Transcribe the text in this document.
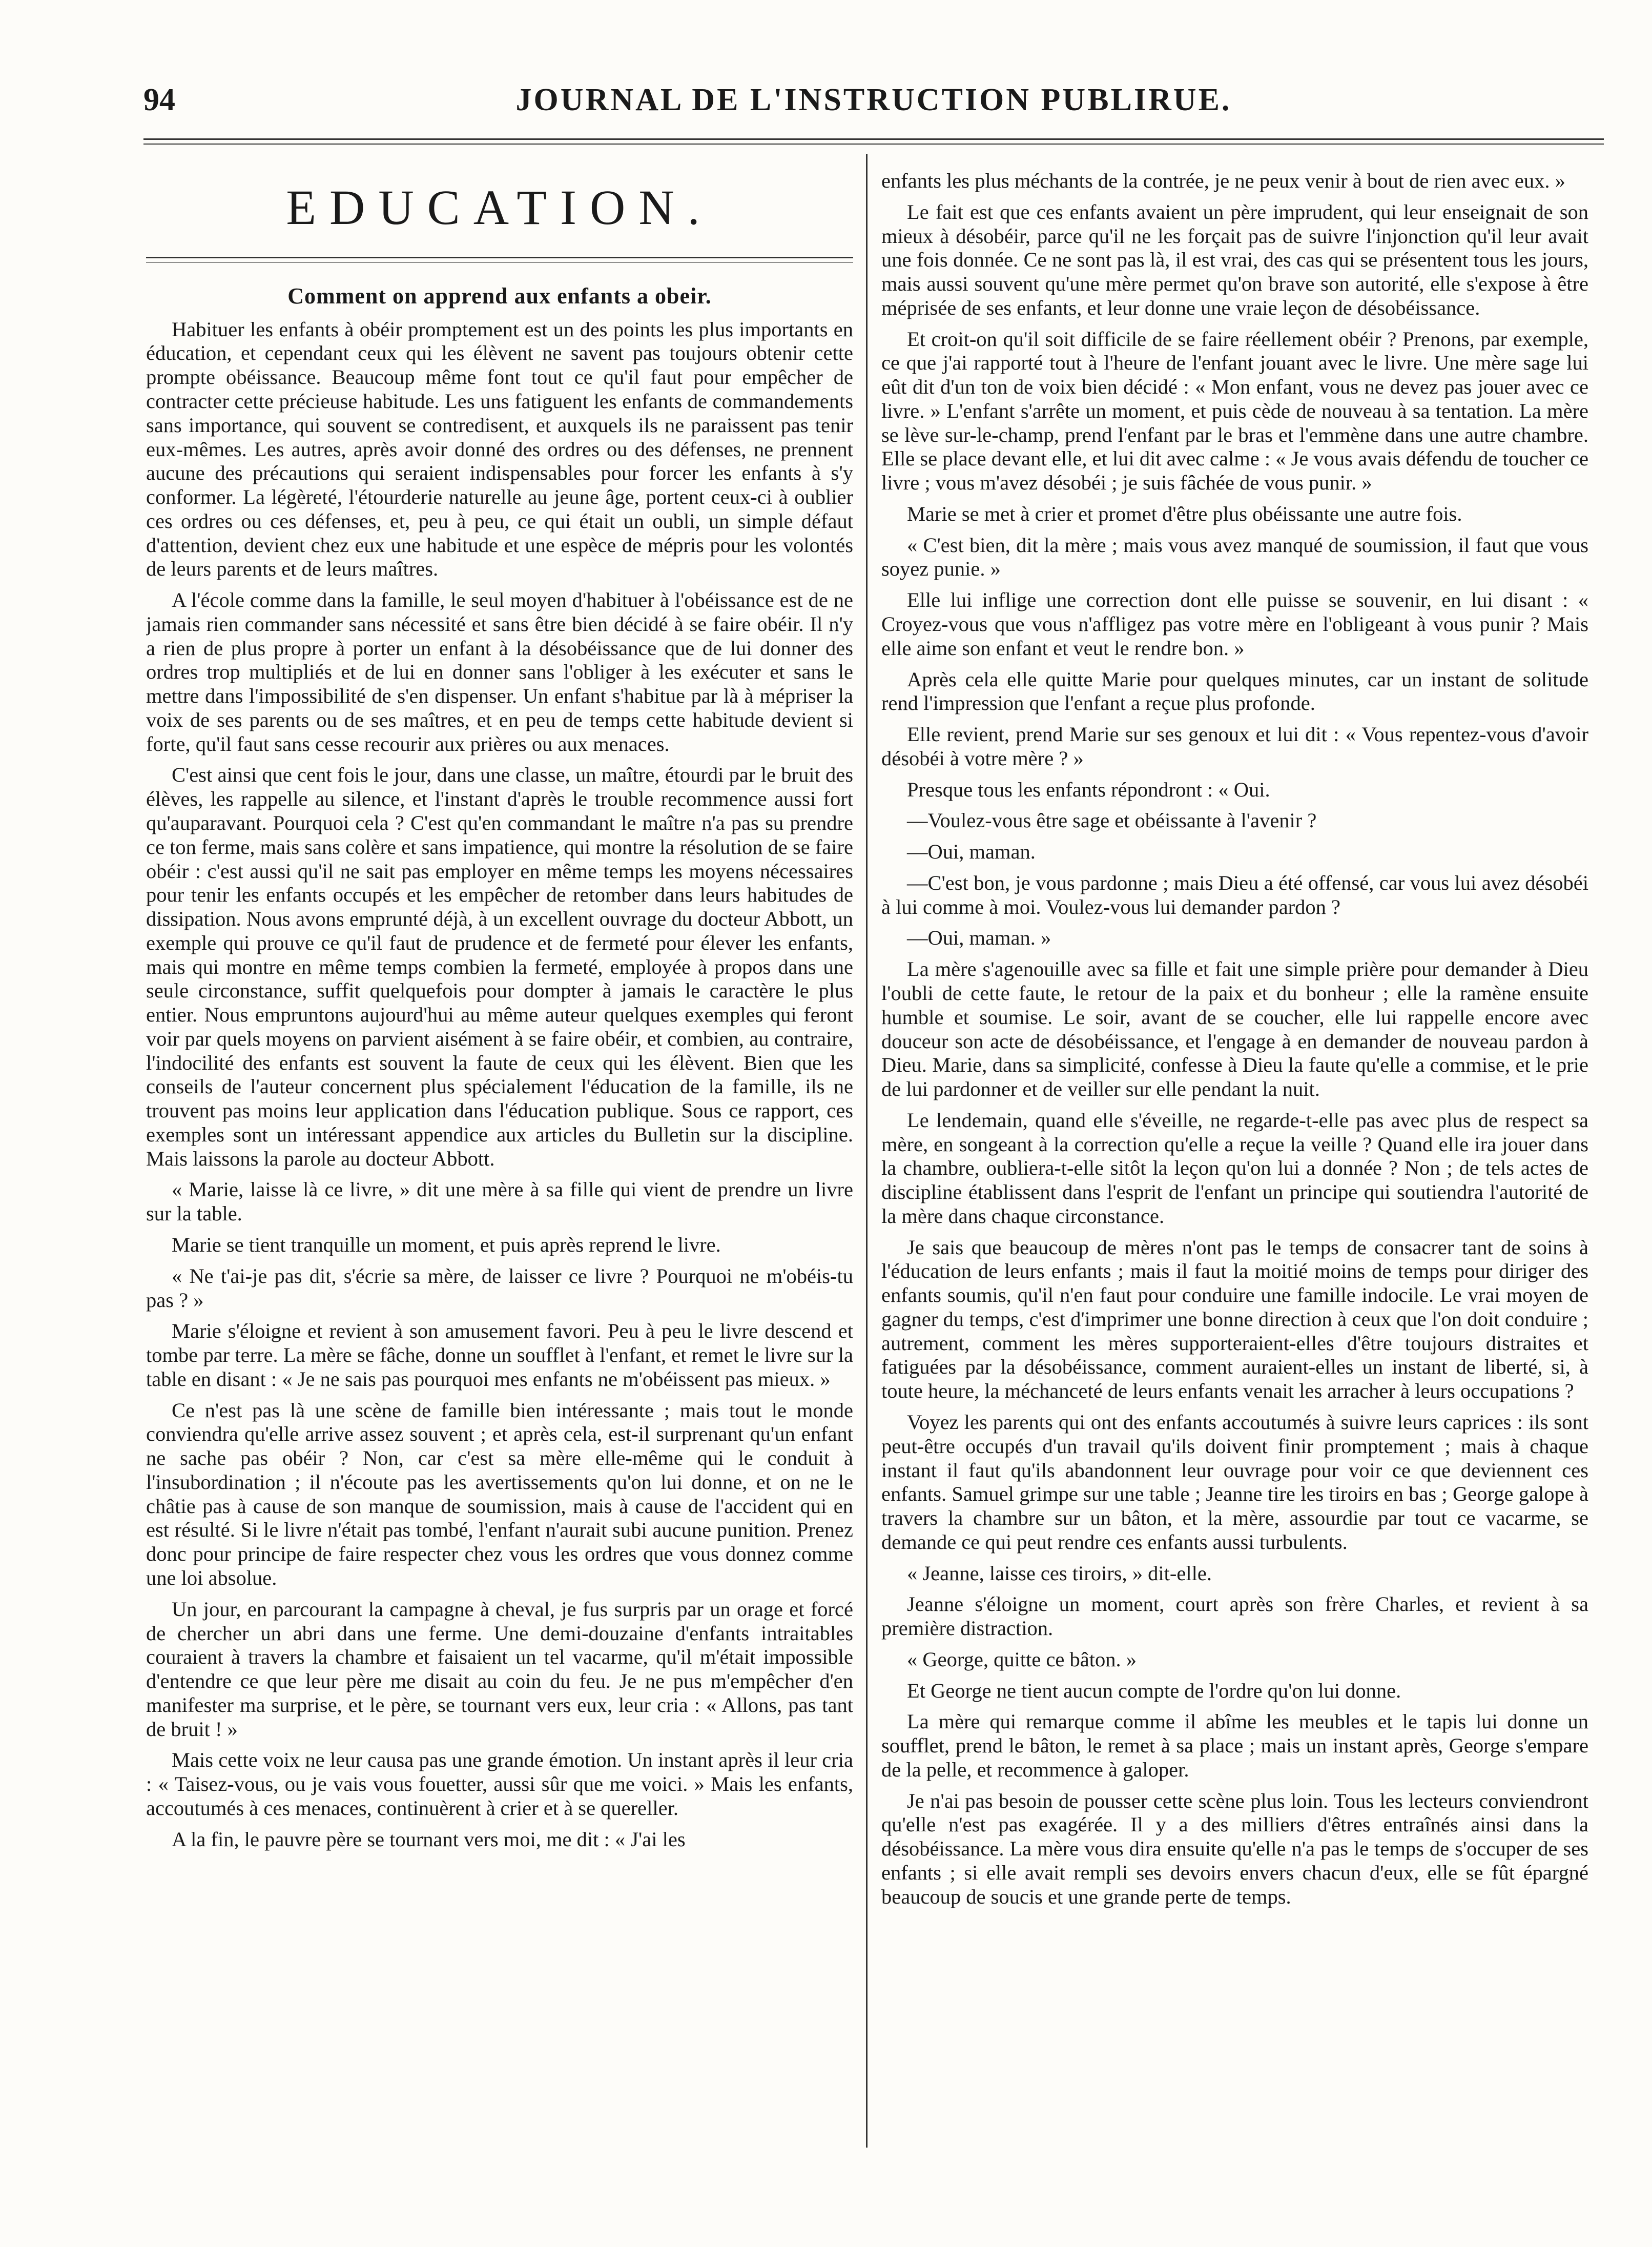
94	JOURNAL DE L'INSTRUCTION PUBLIRUE.
EDUCATION.
Comment on apprend aux enfants a obeir.

Habituer les enfants à obéir promptement est un des points les plus importants en éducation, et cependant ceux qui les élèvent ne savent pas toujours obtenir cette prompte obéissance. Beaucoup même font tout ce qu'il faut pour empêcher de contracter cette précieuse habitude. Les uns fatiguent les enfants de commandements sans importance, qui souvent se contredisent, et auxquels ils ne paraissent pas tenir eux-mêmes. Les autres, après avoir donné des ordres ou des défenses, ne prennent aucune des précautions qui seraient indispensables pour forcer les enfants à s'y conformer. La légèreté, l'étourderie naturelle au jeune âge, portent ceux-ci à oublier ces ordres ou ces défenses, et, peu à peu, ce qui était un oubli, un simple défaut d'attention, devient chez eux une habitude et une espèce de mépris pour les volontés de leurs parents et de leurs maîtres.

A l'école comme dans la famille, le seul moyen d'habituer à l'obéissance est de ne jamais rien commander sans nécessité et sans être bien décidé à se faire obéir. Il n'y a rien de plus propre à porter un enfant à la désobéissance que de lui donner des ordres trop multipliés et de lui en donner sans l'obliger à les exécuter et sans le mettre dans l'impossibilité de s'en dispenser. Un enfant s'habitue par là à mépriser la voix de ses parents ou de ses maîtres, et en peu de temps cette habitude devient si forte, qu'il faut sans cesse recourir aux prières ou aux menaces.

C'est ainsi que cent fois le jour, dans une classe, un maître, étourdi par le bruit des élèves, les rappelle au silence, et l'instant d'après le trouble recommence aussi fort qu'auparavant. Pourquoi cela ? C'est qu'en commandant le maître n'a pas su prendre ce ton ferme, mais sans colère et sans impatience, qui montre la résolution de se faire obéir : c'est aussi qu'il ne sait pas employer en même temps les moyens nécessaires pour tenir les enfants occupés et les empêcher de retomber dans leurs habitudes de dissipation. Nous avons emprunté déjà, à un excellent ouvrage du docteur Abbott, un exemple qui prouve ce qu'il faut de prudence et de fermeté pour élever les enfants, mais qui montre en même temps combien la fermeté, employée à propos dans une seule circonstance, suffit quelquefois pour dompter à jamais le caractère le plus entier. Nous empruntons aujourd'hui au même auteur quelques exemples qui feront voir par quels moyens on parvient aisément à se faire obéir, et combien, au contraire, l'indocilité des enfants est souvent la faute de ceux qui les élèvent. Bien que les conseils de l'auteur concernent plus spécialement l'éducation de la famille, ils ne trouvent pas moins leur application dans l'éducation publique. Sous ce rapport, ces exemples sont un intéressant appendice aux articles du Bulletin sur la discipline. Mais laissons la parole au docteur Abbott.

« Marie, laisse là ce livre, » dit une mère à sa fille qui vient de prendre un livre sur la table.

Marie se tient tranquille un moment, et puis après reprend le livre.

« Ne t'ai-je pas dit, s'écrie sa mère, de laisser ce livre ? Pourquoi ne m'obéis-tu pas ? »

Marie s'éloigne et revient à son amusement favori. Peu à peu le livre descend et tombe par terre. La mère se fâche, donne un soufflet à l'enfant, et remet le livre sur la table en disant : « Je ne sais pas pourquoi mes enfants ne m'obéissent pas mieux. »

Ce n'est pas là une scène de famille bien intéressante ; mais tout le monde conviendra qu'elle arrive assez souvent ; et après cela, est-il surprenant qu'un enfant ne sache pas obéir ? Non, car c'est sa mère elle-même qui le conduit à l'insubordination ; il n'écoute pas les avertissements qu'on lui donne, et on ne le châtie pas à cause de son manque de soumission, mais à cause de l'accident qui en est résulté. Si le livre n'était pas tombé, l'enfant n'aurait subi aucune punition. Prenez donc pour principe de faire respecter chez vous les ordres que vous donnez comme une loi absolue.

Un jour, en parcourant la campagne à cheval, je fus surpris par un orage et forcé de chercher un abri dans une ferme. Une demi-douzaine d'enfants intraitables couraient à travers la chambre et faisaient un tel vacarme, qu'il m'était impossible d'entendre ce que leur père me disait au coin du feu. Je ne pus m'empêcher d'en manifester ma surprise, et le père, se tournant vers eux, leur cria : « Allons, pas tant de bruit ! »

Mais cette voix ne leur causa pas une grande émotion. Un instant après il leur cria : « Taisez-vous, ou je vais vous fouetter, aussi sûr que me voici. » Mais les enfants, accoutumés à ces menaces, continuèrent à crier et à se quereller.

A la fin, le pauvre père se tournant vers moi, me dit : « J'ai les

enfants les plus méchants de la contrée, je ne peux venir à bout de rien avec eux. »

Le fait est que ces enfants avaient un père imprudent, qui leur enseignait de son mieux à désobéir, parce qu'il ne les forçait pas de suivre l'injonction qu'il leur avait une fois donnée. Ce ne sont pas là, il est vrai, des cas qui se présentent tous les jours, mais aussi souvent qu'une mère permet qu'on brave son autorité, elle s'expose à être méprisée de ses enfants, et leur donne une vraie leçon de désobéissance.

Et croit-on qu'il soit difficile de se faire réellement obéir ? Prenons, par exemple, ce que j'ai rapporté tout à l'heure de l'enfant jouant avec le livre. Une mère sage lui eût dit d'un ton de voix bien décidé : « Mon enfant, vous ne devez pas jouer avec ce livre. » L'enfant s'arrête un moment, et puis cède de nouveau à sa tentation. La mère se lève sur-le-champ, prend l'enfant par le bras et l'emmène dans une autre chambre. Elle se place devant elle, et lui dit avec calme : « Je vous avais défendu de toucher ce livre ; vous m'avez désobéi ; je suis fâchée de vous punir. »

Marie se met à crier et promet d'être plus obéissante une autre fois.

« C'est bien, dit la mère ; mais vous avez manqué de soumission, il faut que vous soyez punie. »

Elle lui inflige une correction dont elle puisse se souvenir, en lui disant : « Croyez-vous que vous n'affligez pas votre mère en l'obligeant à vous punir ? Mais elle aime son enfant et veut le rendre bon. »

Après cela elle quitte Marie pour quelques minutes, car un instant de solitude rend l'impression que l'enfant a reçue plus profonde.

Elle revient, prend Marie sur ses genoux et lui dit : « Vous repentez-vous d'avoir désobéi à votre mère ? »

Presque tous les enfants répondront : « Oui.

—Voulez-vous être sage et obéissante à l'avenir ?

—Oui, maman.

—C'est bon, je vous pardonne ; mais Dieu a été offensé, car vous lui avez désobéi à lui comme à moi. Voulez-vous lui demander pardon ?

—Oui, maman. »

La mère s'agenouille avec sa fille et fait une simple prière pour demander à Dieu l'oubli de cette faute, le retour de la paix et du bonheur ; elle la ramène ensuite humble et soumise. Le soir, avant de se coucher, elle lui rappelle encore avec douceur son acte de désobéissance, et l'engage à en demander de nouveau pardon à Dieu. Marie, dans sa simplicité, confesse à Dieu la faute qu'elle a commise, et le prie de lui pardonner et de veiller sur elle pendant la nuit.

Le lendemain, quand elle s'éveille, ne regarde-t-elle pas avec plus de respect sa mère, en songeant à la correction qu'elle a reçue la veille ? Quand elle ira jouer dans la chambre, oubliera-t-elle sitôt la leçon qu'on lui a donnée ? Non ; de tels actes de discipline établissent dans l'esprit de l'enfant un principe qui soutiendra l'autorité de la mère dans chaque circonstance.

Je sais que beaucoup de mères n'ont pas le temps de consacrer tant de soins à l'éducation de leurs enfants ; mais il faut la moitié moins de temps pour diriger des enfants soumis, qu'il n'en faut pour conduire une famille indocile. Le vrai moyen de gagner du temps, c'est d'imprimer une bonne direction à ceux que l'on doit conduire ; autrement, comment les mères supporteraient-elles d'être toujours distraites et fatiguées par la désobéissance, comment auraient-elles un instant de liberté, si, à toute heure, la méchanceté de leurs enfants venait les arracher à leurs occupations ?

Voyez les parents qui ont des enfants accoutumés à suivre leurs caprices : ils sont peut-être occupés d'un travail qu'ils doivent finir promptement ; mais à chaque instant il faut qu'ils abandonnent leur ouvrage pour voir ce que deviennent ces enfants. Samuel grimpe sur une table ; Jeanne tire les tiroirs en bas ; George galope à travers la chambre sur un bâton, et la mère, assourdie par tout ce vacarme, se demande ce qui peut rendre ces enfants aussi turbulents.

« Jeanne, laisse ces tiroirs, » dit-elle.

Jeanne s'éloigne un moment, court après son frère Charles, et revient à sa première distraction.

« George, quitte ce bâton. »

Et George ne tient aucun compte de l'ordre qu'on lui donne.

La mère qui remarque comme il abîme les meubles et le tapis lui donne un soufflet, prend le bâton, le remet à sa place ; mais un instant après, George s'empare de la pelle, et recommence à galoper.

Je n'ai pas besoin de pousser cette scène plus loin. Tous les lecteurs conviendront qu'elle n'est pas exagérée. Il y a des milliers d'êtres entraînés ainsi dans la désobéissance. La mère vous dira ensuite qu'elle n'a pas le temps de s'occuper de ses enfants ; si elle avait rempli ses devoirs envers chacun d'eux, elle se fût épargné beaucoup de soucis et une grande perte de temps.
